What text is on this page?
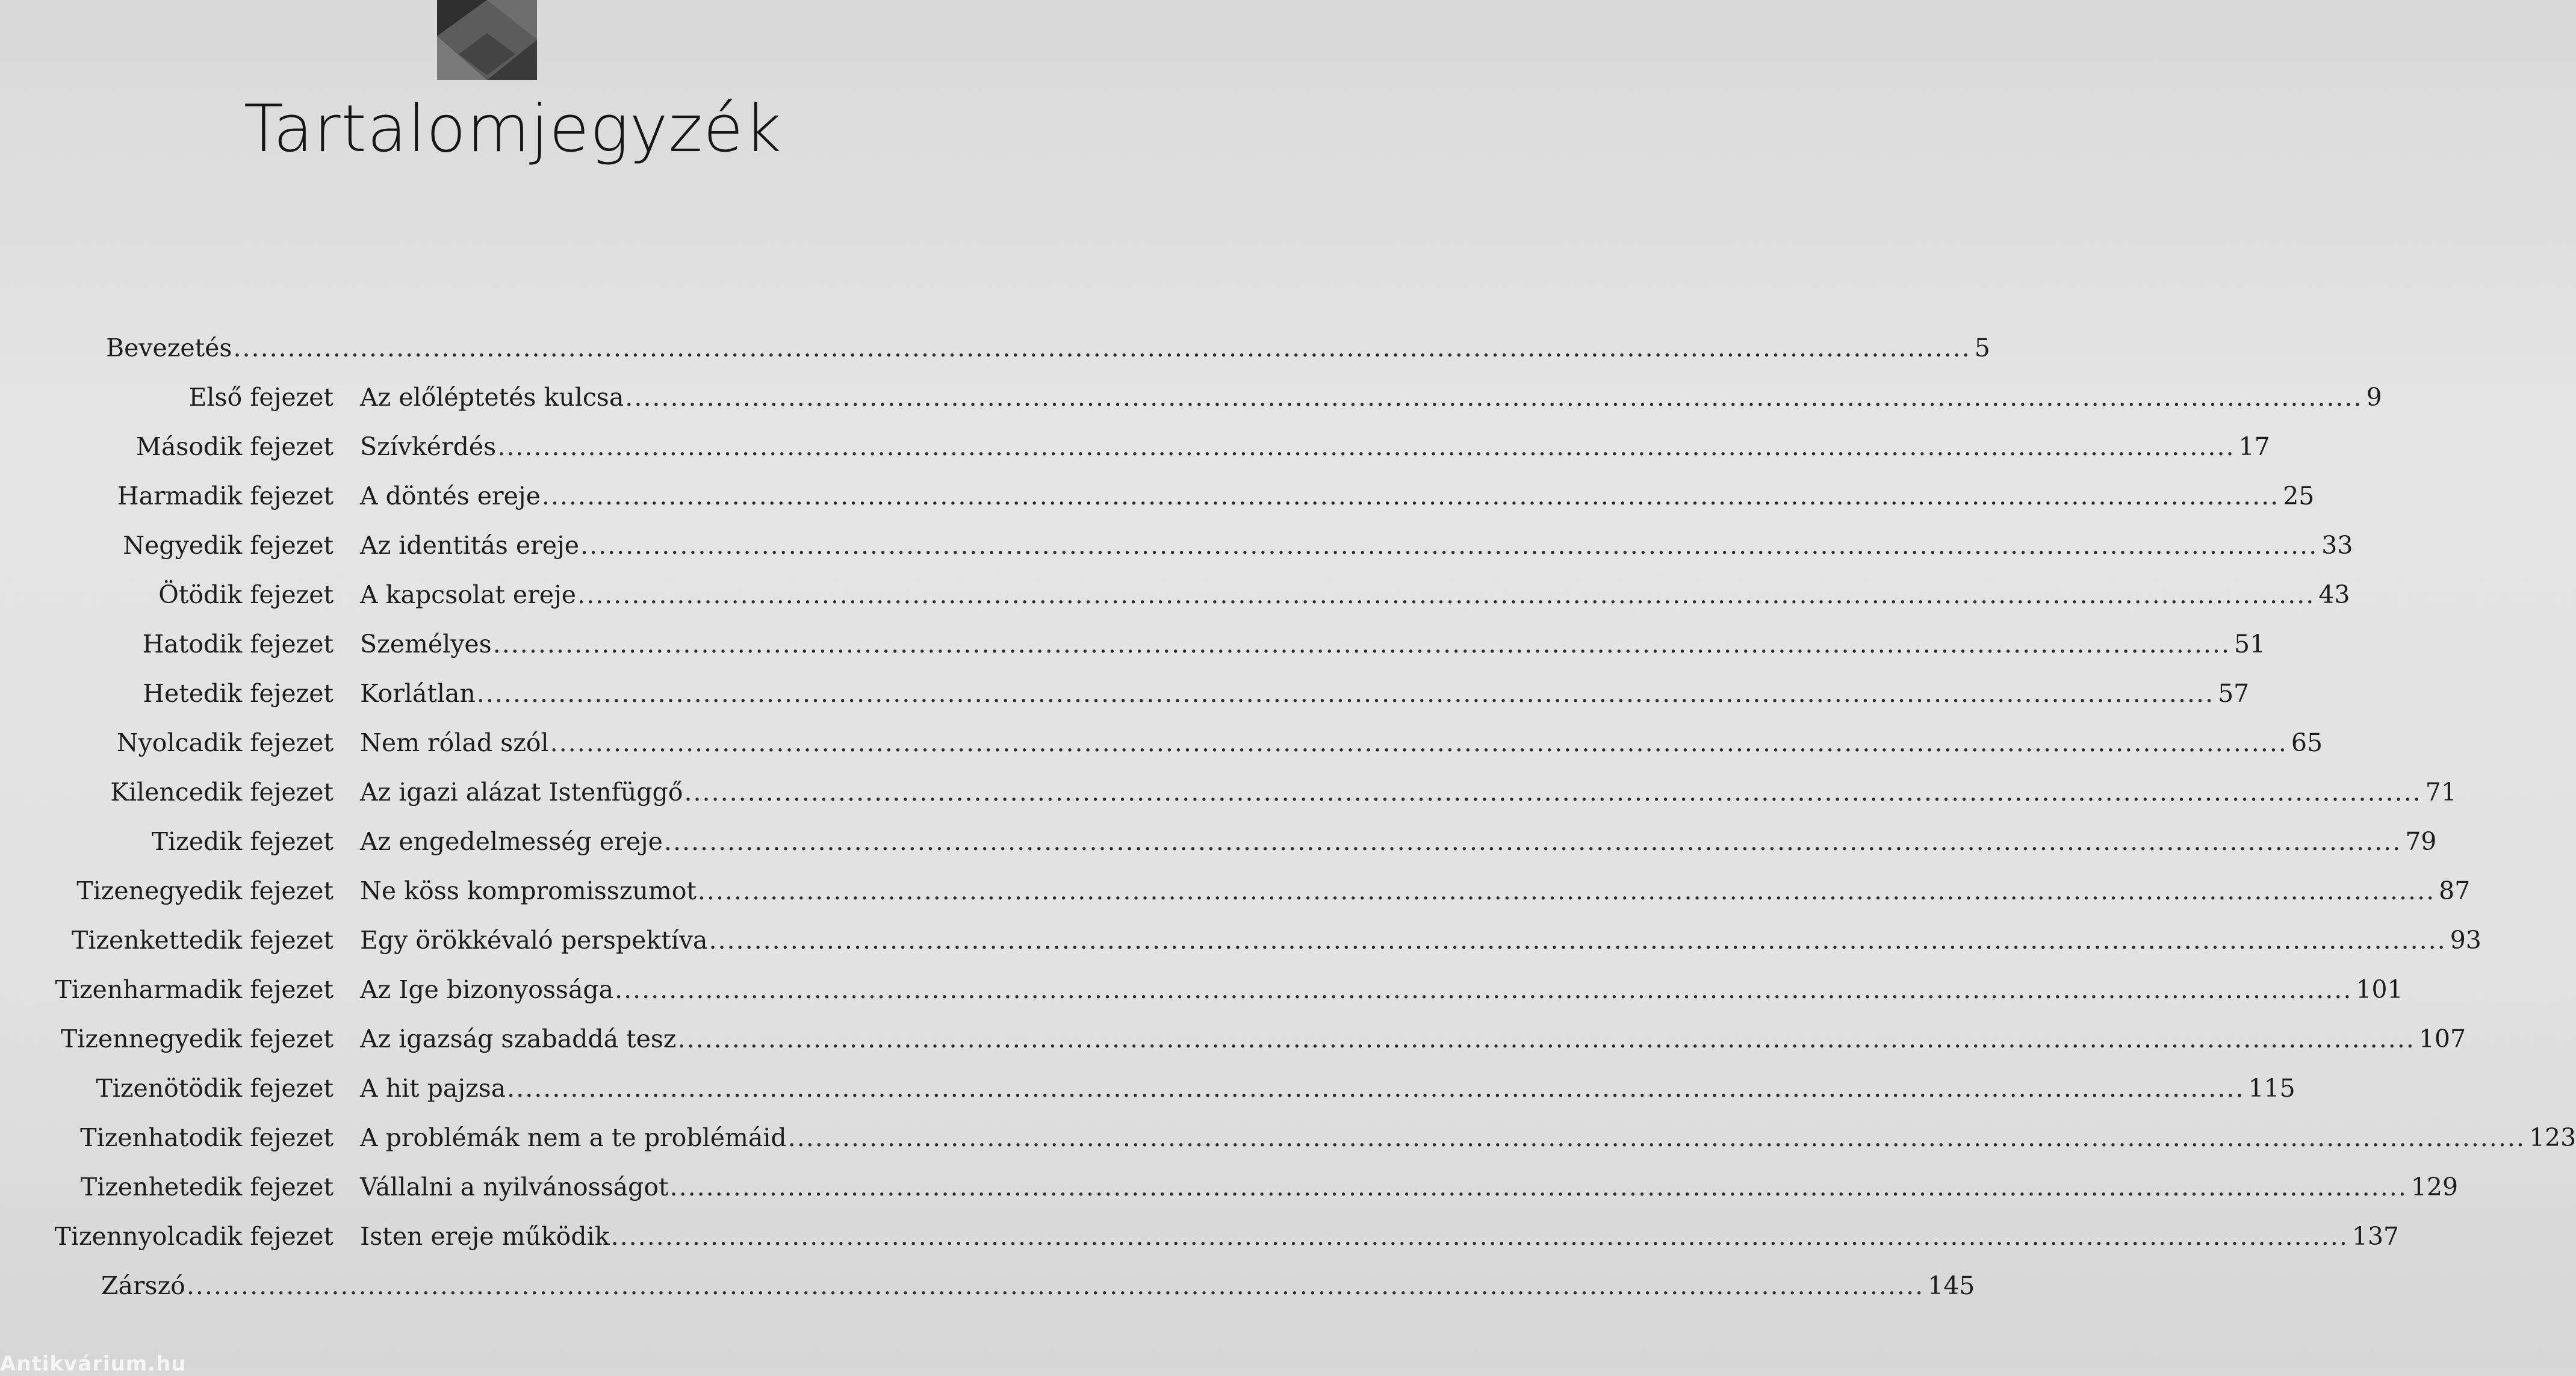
Tartalomjegyzék
Bevezetés ................................................................................................................................................................................................ 5
Első fejezet Az előléptetés kulcsa ................................................................................................................................................................................................ 9
Második fejezet Szívkérdés ................................................................................................................................................................................................ 17
Harmadik fejezet A döntés ereje ................................................................................................................................................................................................ 25
Negyedik fejezet Az identitás ereje ................................................................................................................................................................................................ 33
Ötödik fejezet A kapcsolat ereje ................................................................................................................................................................................................ 43
Hatodik fejezet Személyes ................................................................................................................................................................................................ 51
Hetedik fejezet Korlátlan ................................................................................................................................................................................................ 57
Nyolcadik fejezet Nem rólad szól ................................................................................................................................................................................................ 65
Kilencedik fejezet Az igazi alázat Istenfüggő ................................................................................................................................................................................................ 71
Tizedik fejezet Az engedelmesség ereje ................................................................................................................................................................................................ 79
Tizenegyedik fejezet Ne köss kompromisszumot ................................................................................................................................................................................................ 87
Tizenkettedik fejezet Egy örökkévaló perspektíva ................................................................................................................................................................................................ 93
Tizenharmadik fejezet Az Ige bizonyossága ................................................................................................................................................................................................ 101
Tizennegyedik fejezet Az igazság szabaddá tesz ................................................................................................................................................................................................ 107
Tizenötödik fejezet A hit pajzsa ................................................................................................................................................................................................ 115
Tizenhatodik fejezet A problémák nem a te problémáid ................................................................................................................................................................................................ 123
Tizenhetedik fejezet Vállalni a nyilvánosságot ................................................................................................................................................................................................ 129
Tizennyolcadik fejezet Isten ereje működik ................................................................................................................................................................................................ 137
Zárszó ................................................................................................................................................................................................ 145
Antikvárium.hu
